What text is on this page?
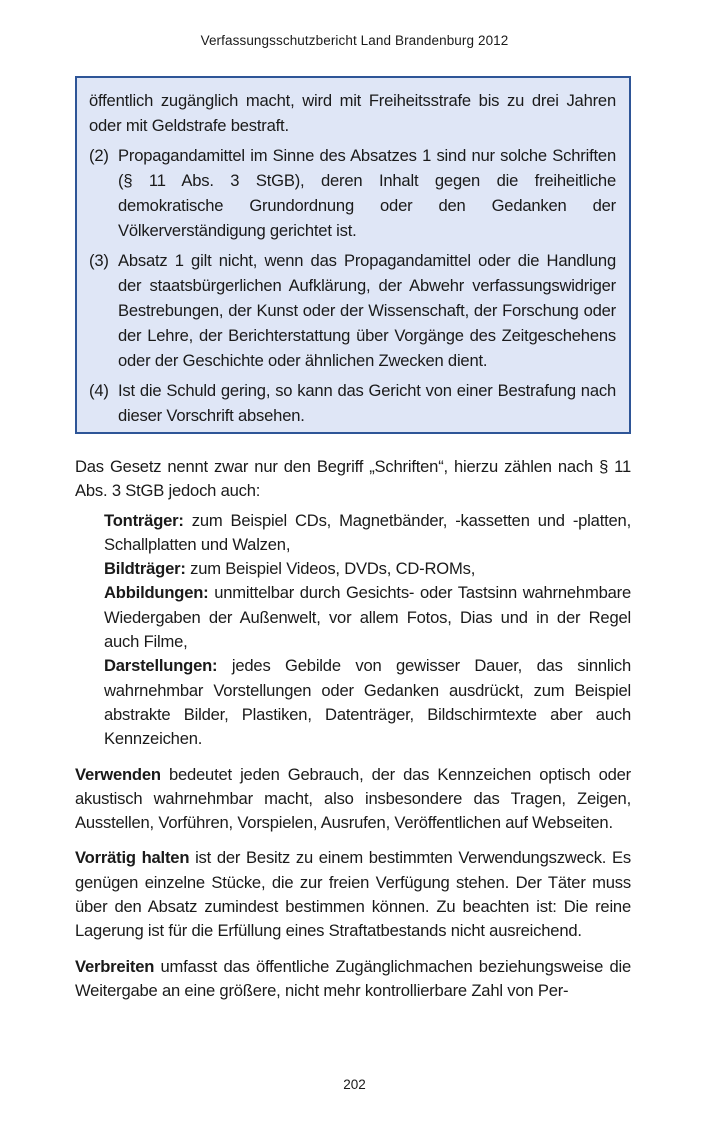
Verfassungsschutzbericht Land Brandenburg 2012

öffentlich zugänglich macht, wird mit Freiheitsstrafe bis zu drei Jahren oder mit Geldstrafe bestraft.

(2) Propagandamittel im Sinne des Absatzes 1 sind nur solche Schriften (§ 11 Abs. 3 StGB), deren Inhalt gegen die freiheitliche demokratische Grundordnung oder den Gedanken der Völkerverständigung gerichtet ist.
(3) Absatz 1 gilt nicht, wenn das Propagandamittel oder die Handlung der staatsbürgerlichen Aufklärung, der Abwehr verfassungswidriger Bestrebungen, der Kunst oder der Wissenschaft, der Forschung oder der Lehre, der Berichterstattung über Vorgänge des Zeitgeschehens oder der Geschichte oder ähnlichen Zwecken dient.
(4) Ist die Schuld gering, so kann das Gericht von einer Bestrafung nach dieser Vorschrift absehen.

Das Gesetz nennt zwar nur den Begriff „Schriften“, hierzu zählen nach § 11 Abs. 3 StGB jedoch auch:

Tonträger: zum Beispiel CDs, Magnetbänder, -kassetten und -platten, Schallplatten und Walzen,

Bildträger: zum Beispiel Videos, DVDs, CD-ROMs,

Abbildungen: unmittelbar durch Gesichts- oder Tastsinn wahrnehmbare Wiedergaben der Außenwelt, vor allem Fotos, Dias und in der Regel auch Filme,

Darstellungen: jedes Gebilde von gewisser Dauer, das sinnlich wahrnehmbar Vorstellungen oder Gedanken ausdrückt, zum Beispiel abstrakte Bilder, Plastiken, Datenträger, Bildschirmtexte aber auch Kennzeichen.

Verwenden bedeutet jeden Gebrauch, der das Kennzeichen optisch oder akustisch wahrnehmbar macht, also insbesondere das Tragen, Zeigen, Ausstellen, Vorführen, Vorspielen, Ausrufen, Veröffentlichen auf Webseiten.

Vorrätig halten ist der Besitz zu einem bestimmten Verwendungszweck. Es genügen einzelne Stücke, die zur freien Verfügung stehen. Der Täter muss über den Absatz zumindest bestimmen können. Zu beachten ist: Die reine Lagerung ist für die Erfüllung eines Straftatbestands nicht ausreichend.

Verbreiten umfasst das öffentliche Zugänglichmachen beziehungsweise die Weitergabe an eine größere, nicht mehr kontrollierbare Zahl von Per-

202
